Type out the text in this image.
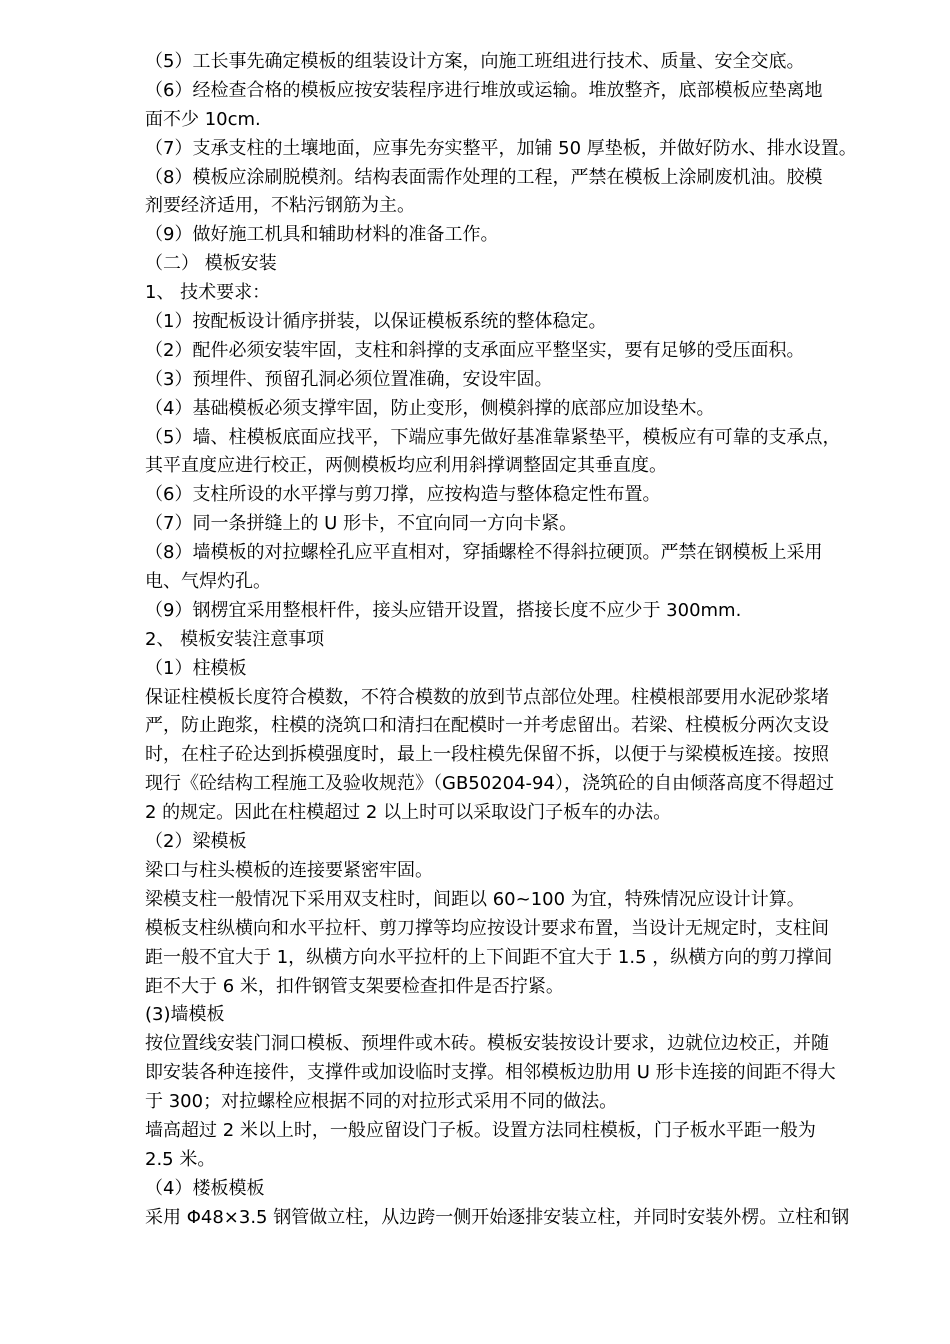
（5）工长事先确定模板的组装设计方案，向施工班组进行技术、质量、安全交底。
（6）经检查合格的模板应按安装程序进行堆放或运输。堆放整齐，底部模板应垫离地
面不少 10cm.
（7）支承支柱的土壤地面，应事先夯实整平，加铺 50 厚垫板，并做好防水、排水设置。
（8）模板应涂刷脱模剂。结构表面需作处理的工程，严禁在模板上涂刷废机油。胶模
剂要经济适用，不粘污钢筋为主。
（9）做好施工机具和辅助材料的准备工作。
（二） 模板安装
1、 技术要求：
（1）按配板设计循序拼装，以保证模板系统的整体稳定。
（2）配件必须安装牢固，支柱和斜撑的支承面应平整坚实，要有足够的受压面积。
（3）预埋件、预留孔洞必须位置准确，安设牢固。
（4）基础模板必须支撑牢固，防止变形，侧模斜撑的底部应加设垫木。
（5）墙、柱模板底面应找平，下端应事先做好基准靠紧垫平，模板应有可靠的支承点，
其平直度应进行校正，两侧模板均应利用斜撑调整固定其垂直度。
（6）支柱所设的水平撑与剪刀撑，应按构造与整体稳定性布置。
（7）同一条拼缝上的 U 形卡，不宜向同一方向卡紧。
（8）墙模板的对拉螺栓孔应平直相对，穿插螺栓不得斜拉硬顶。严禁在钢模板上采用
电、气焊灼孔。
（9）钢楞宜采用整根杆件，接头应错开设置，搭接长度不应少于 300mm.
2、 模板安装注意事项
（1）柱模板
保证柱模板长度符合模数，不符合模数的放到节点部位处理。柱模根部要用水泥砂浆堵
严，防止跑浆，柱模的浇筑口和清扫在配模时一并考虑留出。若梁、柱模板分两次支设
时，在柱子砼达到拆模强度时，最上一段柱模先保留不拆，以便于与梁模板连接。按照
现行《砼结构工程施工及验收规范》（GB50204-94），浇筑砼的自由倾落高度不得超过
2 的规定。因此在柱模超过 2 以上时可以采取设门子板车的办法。
（2）梁模板
梁口与柱头模板的连接要紧密牢固。
梁模支柱一般情况下采用双支柱时，间距以 60~100 为宜，特殊情况应设计计算。
模板支柱纵横向和水平拉杆、剪刀撑等均应按设计要求布置，当设计无规定时，支柱间
距一般不宜大于 1，纵横方向水平拉杆的上下间距不宜大于 1.5 ，纵横方向的剪刀撑间
距不大于 6 米，扣件钢管支架要检查扣件是否拧紧。
(3)墙模板
按位置线安装门洞口模板、预埋件或木砖。模板安装按设计要求，边就位边校正，并随
即安装各种连接件，支撑件或加设临时支撑。相邻模板边肋用 U 形卡连接的间距不得大
于 300；对拉螺栓应根据不同的对拉形式采用不同的做法。
墙高超过 2 米以上时，一般应留设门子板。设置方法同柱模板，门子板水平距一般为
2.5 米。
（4）楼板模板
采用 Φ48×3.5 钢管做立柱，从边跨一侧开始逐排安装立柱，并同时安装外楞。立柱和钢
